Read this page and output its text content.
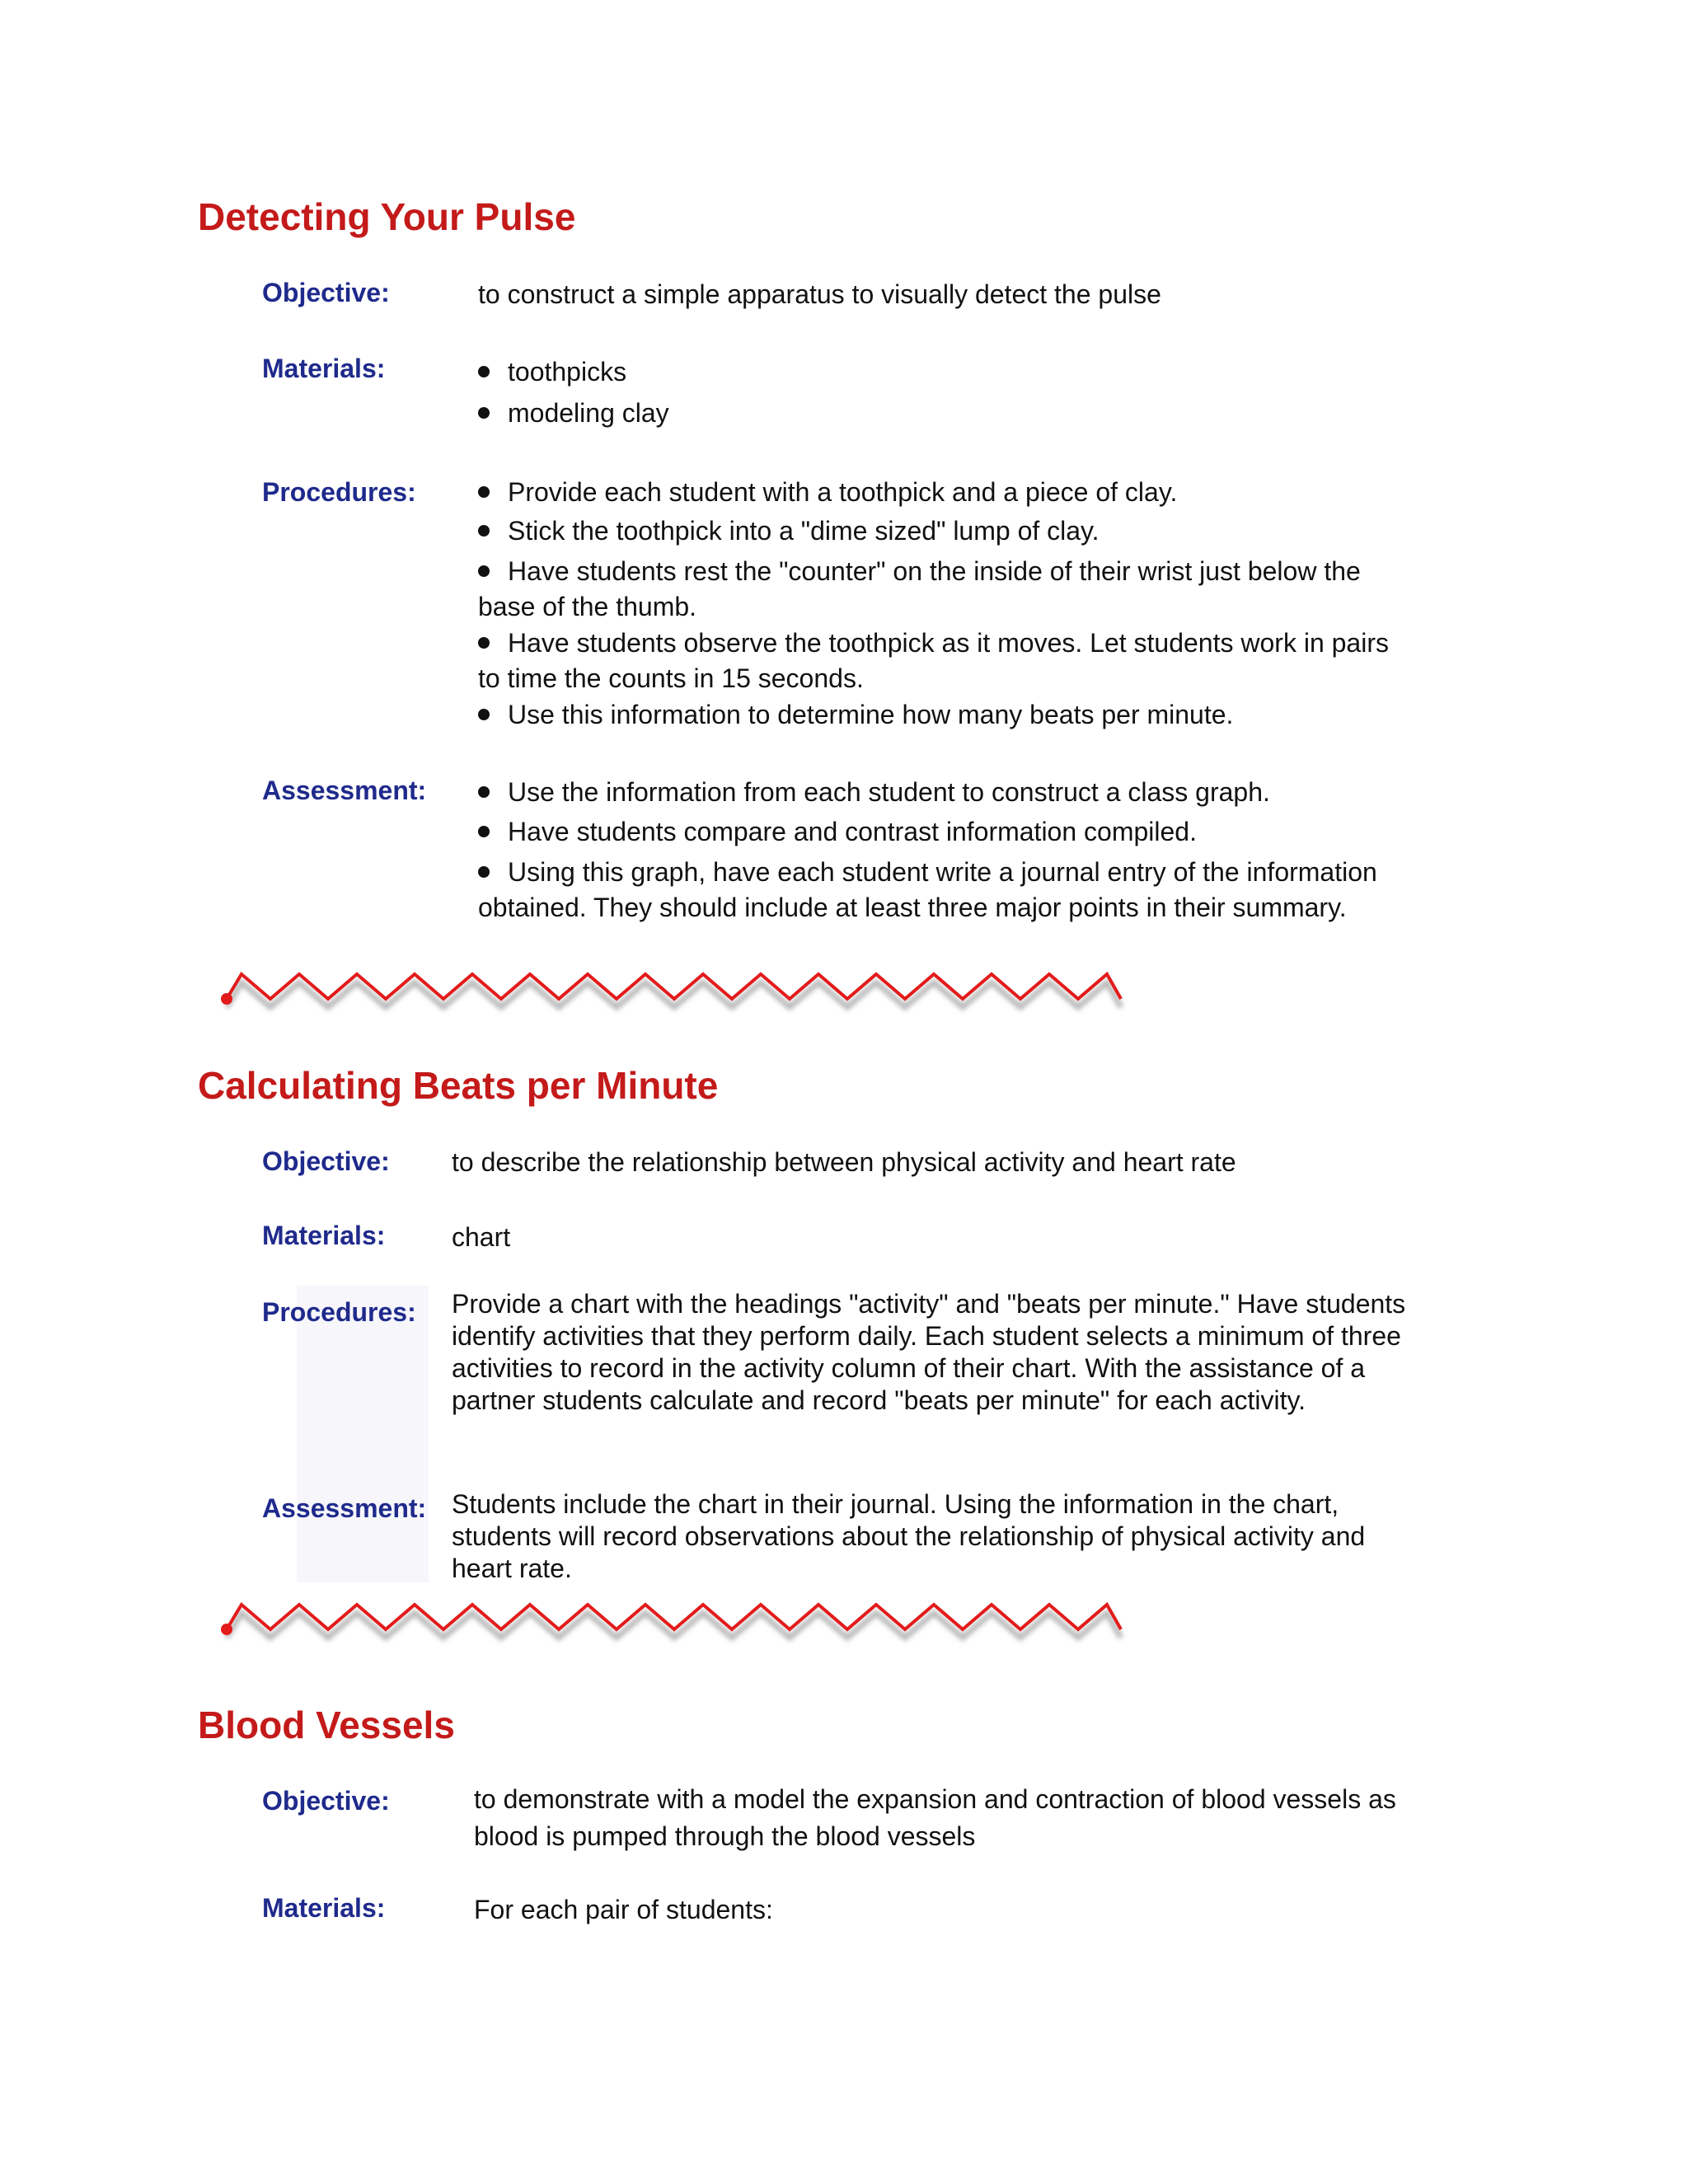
Detecting Your Pulse
Objective:	to construct a simple apparatus to visually detect the pulse
Materials:	toothpicks
modeling clay
Procedures:	Provide each student with a toothpick and a piece of clay.
Stick the toothpick into a "dime sized" lump of clay.
Have students rest the "counter" on the inside of their wrist just below the base of the thumb.
Have students observe the toothpick as it moves. Let students work in pairs to time the counts in 15 seconds.
Use this information to determine how many beats per minute.
Assessment:	Use the information from each student to construct a class graph.
Have students compare and contrast information compiled.
Using this graph, have each student write a journal entry of the information obtained. They should include at least three major points in their summary.
Calculating Beats per Minute
Objective: to describe the relationship between physical activity and heart rate
Materials:	chart
Procedures: Provide a chart with the headings "activity" and "beats per minute." Have students identify activities that they perform daily. Each student selects a minimum of three activities to record in the activity column of their chart. With the assistance of a partner students calculate and record "beats per minute" for each activity.
Assessment: Students include the chart in their journal. Using the information in the chart, students will record observations about the relationship of physical activity and heart rate.
Blood Vessels
Objective:	to demonstrate with a model the expansion and contraction of blood vessels as blood is pumped through the blood vessels
Materials:	For each pair of students:
